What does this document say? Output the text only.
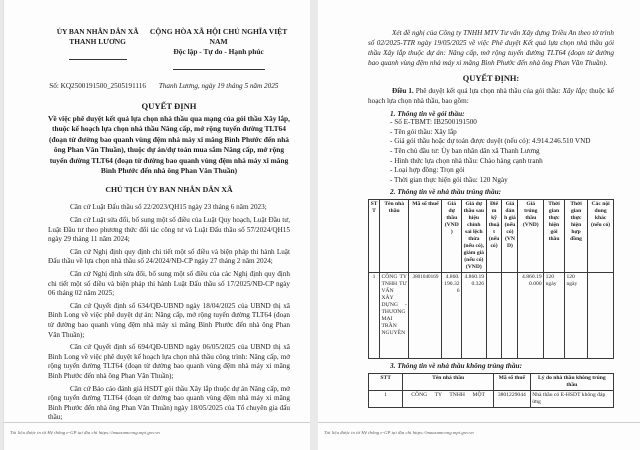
ỦY BAN NHÂN DÂN XÃ
THANH LƯƠNG
CỘNG HÒA XÃ HỘI CHỦ NGHĨA VIỆT NAM
Độc lập - Tự do - Hạnh phúc
Số: KQ2500191500_2505191116	Thanh Lương, ngày 19 tháng 5 năm 2025
QUYẾT ĐỊNH
Về việc phê duyệt kết quả lựa chọn nhà thầu qua mạng của gói thầu Xây lắp, thuộc kế hoạch lựa chọn nhà thầu Nâng cấp, mở rộng tuyến đường TLT64 (đoạn từ đường bao quanh vùng đệm nhà máy xi măng Bình Phước đến nhà ông Phan Văn Thuần), thuộc dự án/dự toán mua sắm Nâng cấp, mở rộng tuyến đường TLT64 (đoạn từ đường bao quanh vùng đệm nhà máy xi măng Bình Phước đến nhà ông Phan Văn Thuần)
CHỦ TỊCH ỦY BAN NHÂN DÂN XÃ

Căn cứ Luật Đấu thầu số 22/2023/QH15 ngày 23 tháng 6 năm 2023;

Căn cứ Luật sửa đổi, bổ sung một số điều của Luật Quy hoạch, Luật Đầu tư, Luật Đầu tư theo phương thức đối tác công tư và Luật Đấu thầu số 57/2024/QH15 ngày 29 tháng 11 năm 2024;

Căn cứ Nghị định quy định chi tiết một số điều và biện pháp thi hành Luật Đấu thầu về lựa chọn nhà thầu số 24/2024/NĐ-CP ngày 27 tháng 2 năm 2024;

Căn cứ Nghị định sửa đổi, bổ sung một số điều của các Nghị định quy định chi tiết một số điều và biện pháp thi hành Luật Đấu thầu số 17/2025/NĐ-CP ngày 06 tháng 02 năm 2025;

Căn cứ Quyết định số 634/QĐ-UBND ngày 18/04/2025 của UBND thị xã Bình Long về việc phê duyệt dự án: Nâng cấp, mở rộng tuyến đường TLT64 (đoạn từ đường bao quanh vùng đệm nhà máy xi măng Bình Phước đến nhà ông Phan Văn Thuần);

Căn cứ Quyết định số 694/QĐ-UBND ngày 06/05/2025 của UBND thị xã Bình Long về việc phê duyệt kế hoạch lựa chọn nhà thầu công trình: Nâng cấp, mở rộng tuyến đường TLT64 (đoạn từ đường bao quanh vùng đệm nhà máy xi măng Bình Phước đến nhà ông Phan Văn Thuần);

Căn cứ Báo cáo đánh giá HSDT gói thầu Xây lắp thuộc dự án Nâng cấp, mở rộng tuyến đường TLT64 (đoạn từ đường bao quanh vùng đệm nhà máy xi măng Bình Phước đến nhà ông Phan Văn Thuần) ngày 18/05/2025 của Tổ chuyên gia đấu thầu;

Tài liệu được in từ Hệ thống e-GP tại địa chỉ https://muasamcong.mpi.gov.vn

Xét đề nghị của Công ty TNHH MTV Tư vấn Xây dựng Triều An theo tờ trình số 02/2025-TTR ngày 19/05/2025 về việc Phê duyệt Kết quả lựa chọn nhà thầu gói thầu Xây lắp thuộc dự án: Nâng cấp, mở rộng tuyến đường TLT64 (đoạn từ đường bao quanh vùng đệm nhà máy xi măng Bình Phước đến nhà ông Phan Văn Thuần).

QUYẾT ĐỊNH:

Điều 1. Phê duyệt kết quả lựa chọn nhà thầu của gói thầu: Xây lắp; thuộc kế hoạch lựa chọn nhà thầu, bao gồm:

1. Thông tin về gói thầu:
- Số E-TBMT: IB2500191500
- Tên gói thầu: Xây lắp
- Giá gói thầu hoặc dự toán được duyệt (nếu có): 4.914.246.510 VND
- Tên chủ đầu tư: Ủy ban nhân dân xã Thanh Lương
- Hình thức lựa chọn nhà thầu: Chào hàng cạnh tranh
- Loại hợp đồng: Trọn gói
- Thời gian thực hiện gói thầu: 120 Ngày
2. Thông tin về nhà thầu trúng thầu:
STT	Tên nhà thầu	Mã số thuế	Giá dự thầu (VND)	Giá dự thầu sau hiệu chỉnh sai lệch thừa (nếu có), giảm giá (nếu có) (VND)	Điểm kỹ thuật (nếu có)	Giá đánh giá (nếu có) (VND)	Giá trúng thầu (VND)	Thời gian thực hiện gói thầu	Thời gian thực hiện hợp đồng	Các nội dung khác (nếu có)
1	CÔNG TY TNHH TƯ VẤN XÂY DỰNG - THƯƠNG MẠI TRẦN NGUYÊN	3801040169	4.860.190.326	4.860.190.326			4.860.190.000	120 ngày	120 ngày	
3. Thông tin về nhà thầu không trúng thầu:
STT	Tên nhà thầu	Mã số thuế	Lý do nhà thầu không trúng thầu
1	CÔNG TY TNHH MỘT	3801229044	Nhà thầu có E-HSDT không đáp ứng
Tài liệu được in từ Hệ thống e-GP tại địa chỉ https://muasamcong.mpi.gov.vn
